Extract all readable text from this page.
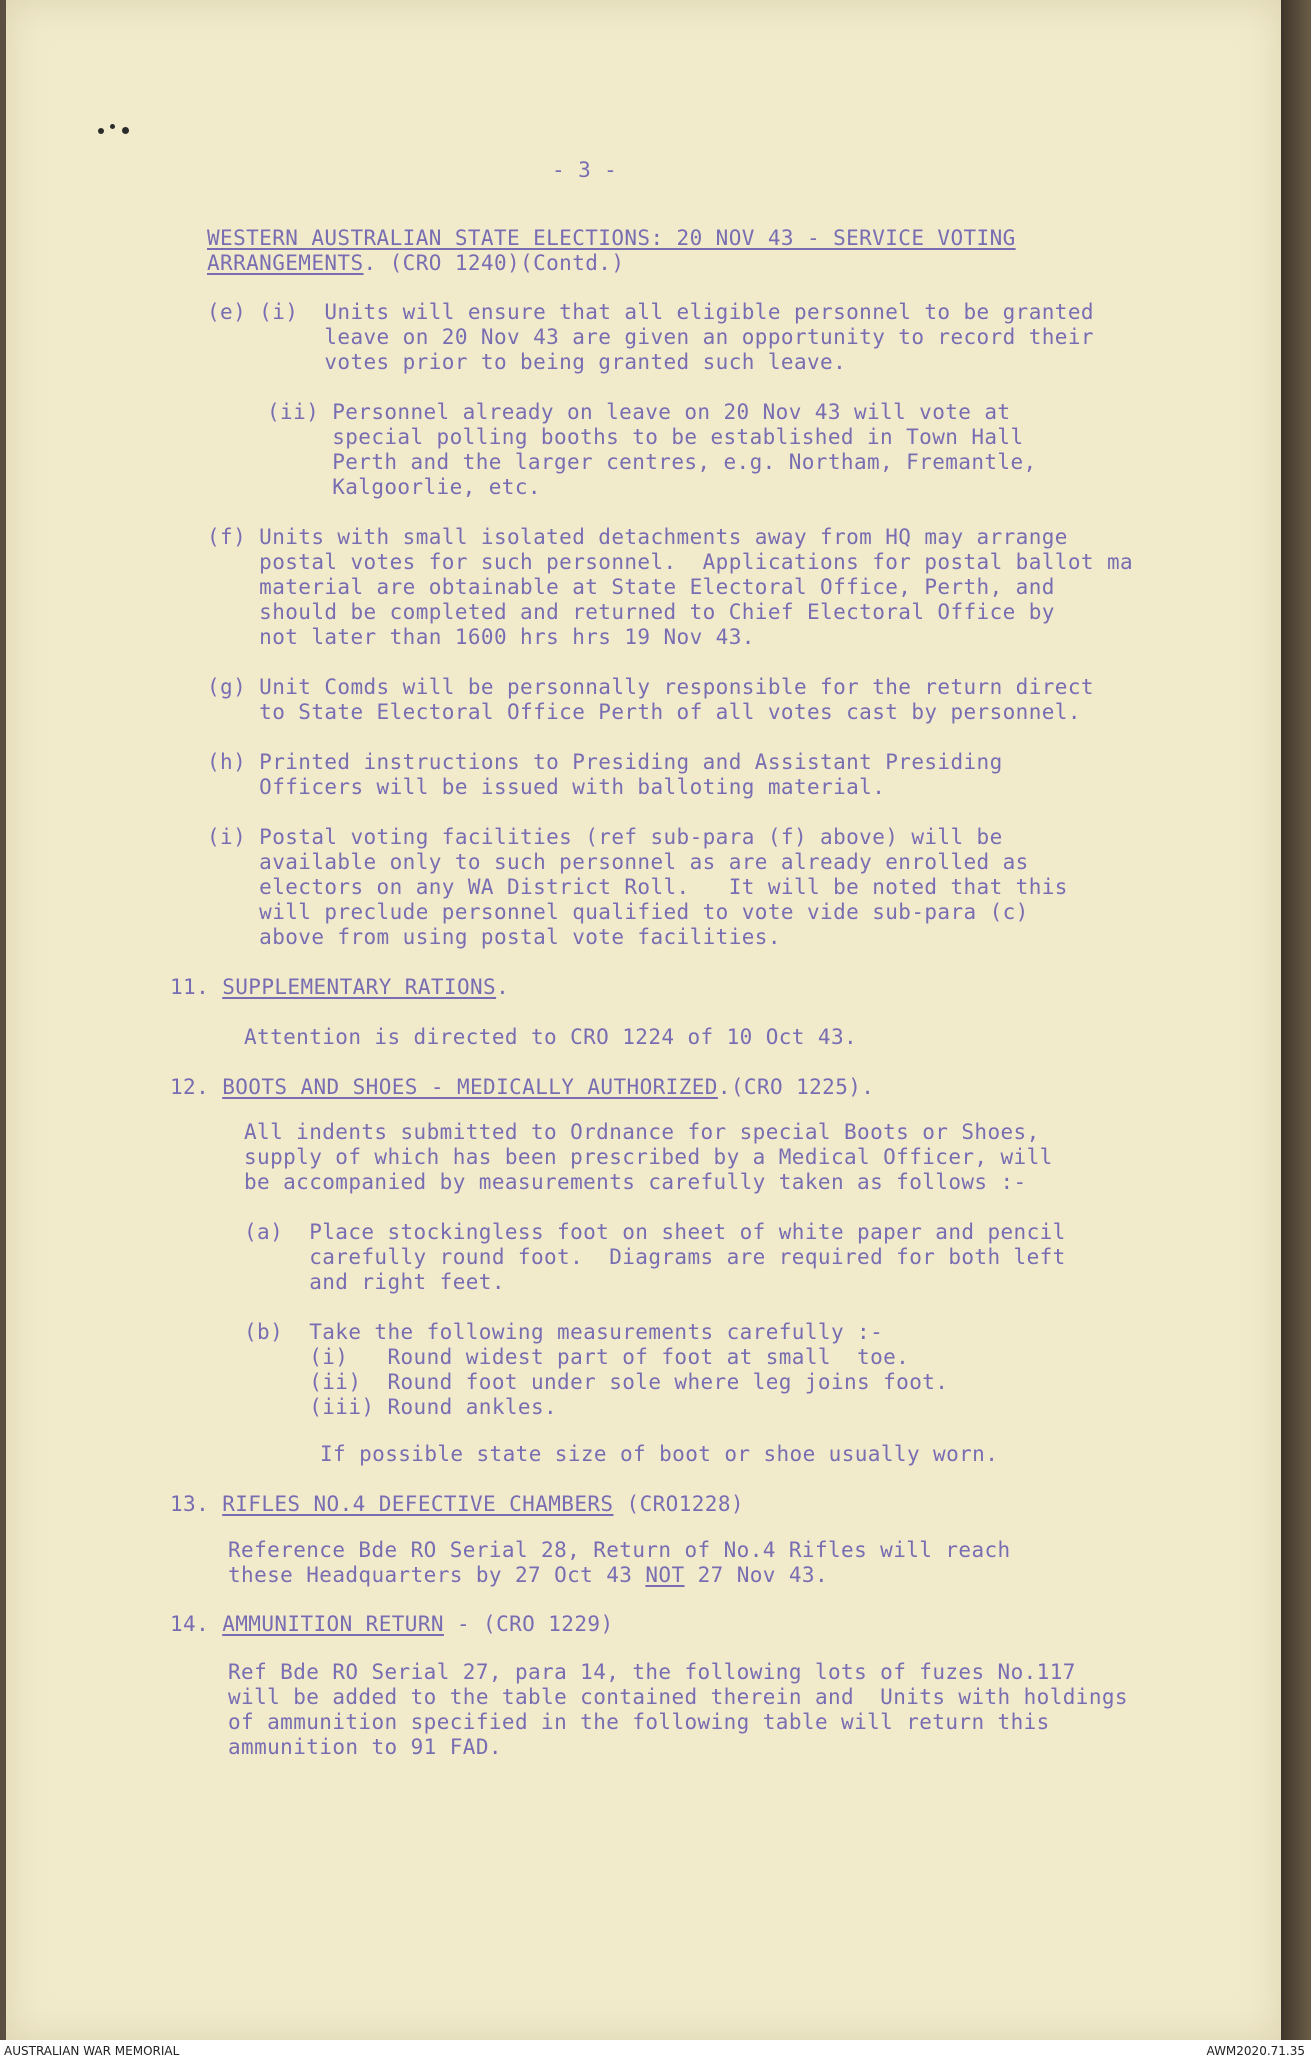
- 3 -
WESTERN AUSTRALIAN STATE ELECTIONS: 20 NOV 43 - SERVICE VOTING
ARRANGEMENTS. (CRO 1240)(Contd.)
(e) (i)  Units will ensure that all eligible personnel to be granted
leave on 20 Nov 43 are given an opportunity to record their
votes prior to being granted such leave.
(ii) Personnel already on leave on 20 Nov 43 will vote at
special polling booths to be established in Town Hall
Perth and the larger centres, e.g. Northam, Fremantle,
Kalgoorlie, etc.
(f) Units with small isolated detachments away from HQ may arrange
postal votes for such personnel.  Applications for postal ballot ma
material are obtainable at State Electoral Office, Perth, and
should be completed and returned to Chief Electoral Office by
not later than 1600 hrs hrs 19 Nov 43.
(g) Unit Comds will be personnally responsible for the return direct
to State Electoral Office Perth of all votes cast by personnel.
(h) Printed instructions to Presiding and Assistant Presiding
Officers will be issued with balloting material.
(i) Postal voting facilities (ref sub-para (f) above) will be
available only to such personnel as are already enrolled as
electors on any WA District Roll.   It will be noted that this
will preclude personnel qualified to vote vide sub-para (c)
above from using postal vote facilities.
11. SUPPLEMENTARY RATIONS.
Attention is directed to CRO 1224 of 10 Oct 43.
12. BOOTS AND SHOES - MEDICALLY AUTHORIZED.(CRO 1225).
All indents submitted to Ordnance for special Boots or Shoes,
supply of which has been prescribed by a Medical Officer, will
be accompanied by measurements carefully taken as follows :-
(a)  Place stockingless foot on sheet of white paper and pencil
carefully round foot.  Diagrams are required for both left
and right feet.
(b)  Take the following measurements carefully :-
(i)   Round widest part of foot at small  toe.
(ii)  Round foot under sole where leg joins foot.
(iii) Round ankles.
If possible state size of boot or shoe usually worn.
13. RIFLES NO.4 DEFECTIVE CHAMBERS (CRO1228)
Reference Bde RO Serial 28, Return of No.4 Rifles will reach
these Headquarters by 27 Oct 43 NOT 27 Nov 43.
14. AMMUNITION RETURN - (CRO 1229)
Ref Bde RO Serial 27, para 14, the following lots of fuzes No.117
will be added to the table contained therein and  Units with holdings
of ammunition specified in the following table will return this
ammunition to 91 FAD.
AUSTRALIAN WAR MEMORIAL	AWM2020.71.35
